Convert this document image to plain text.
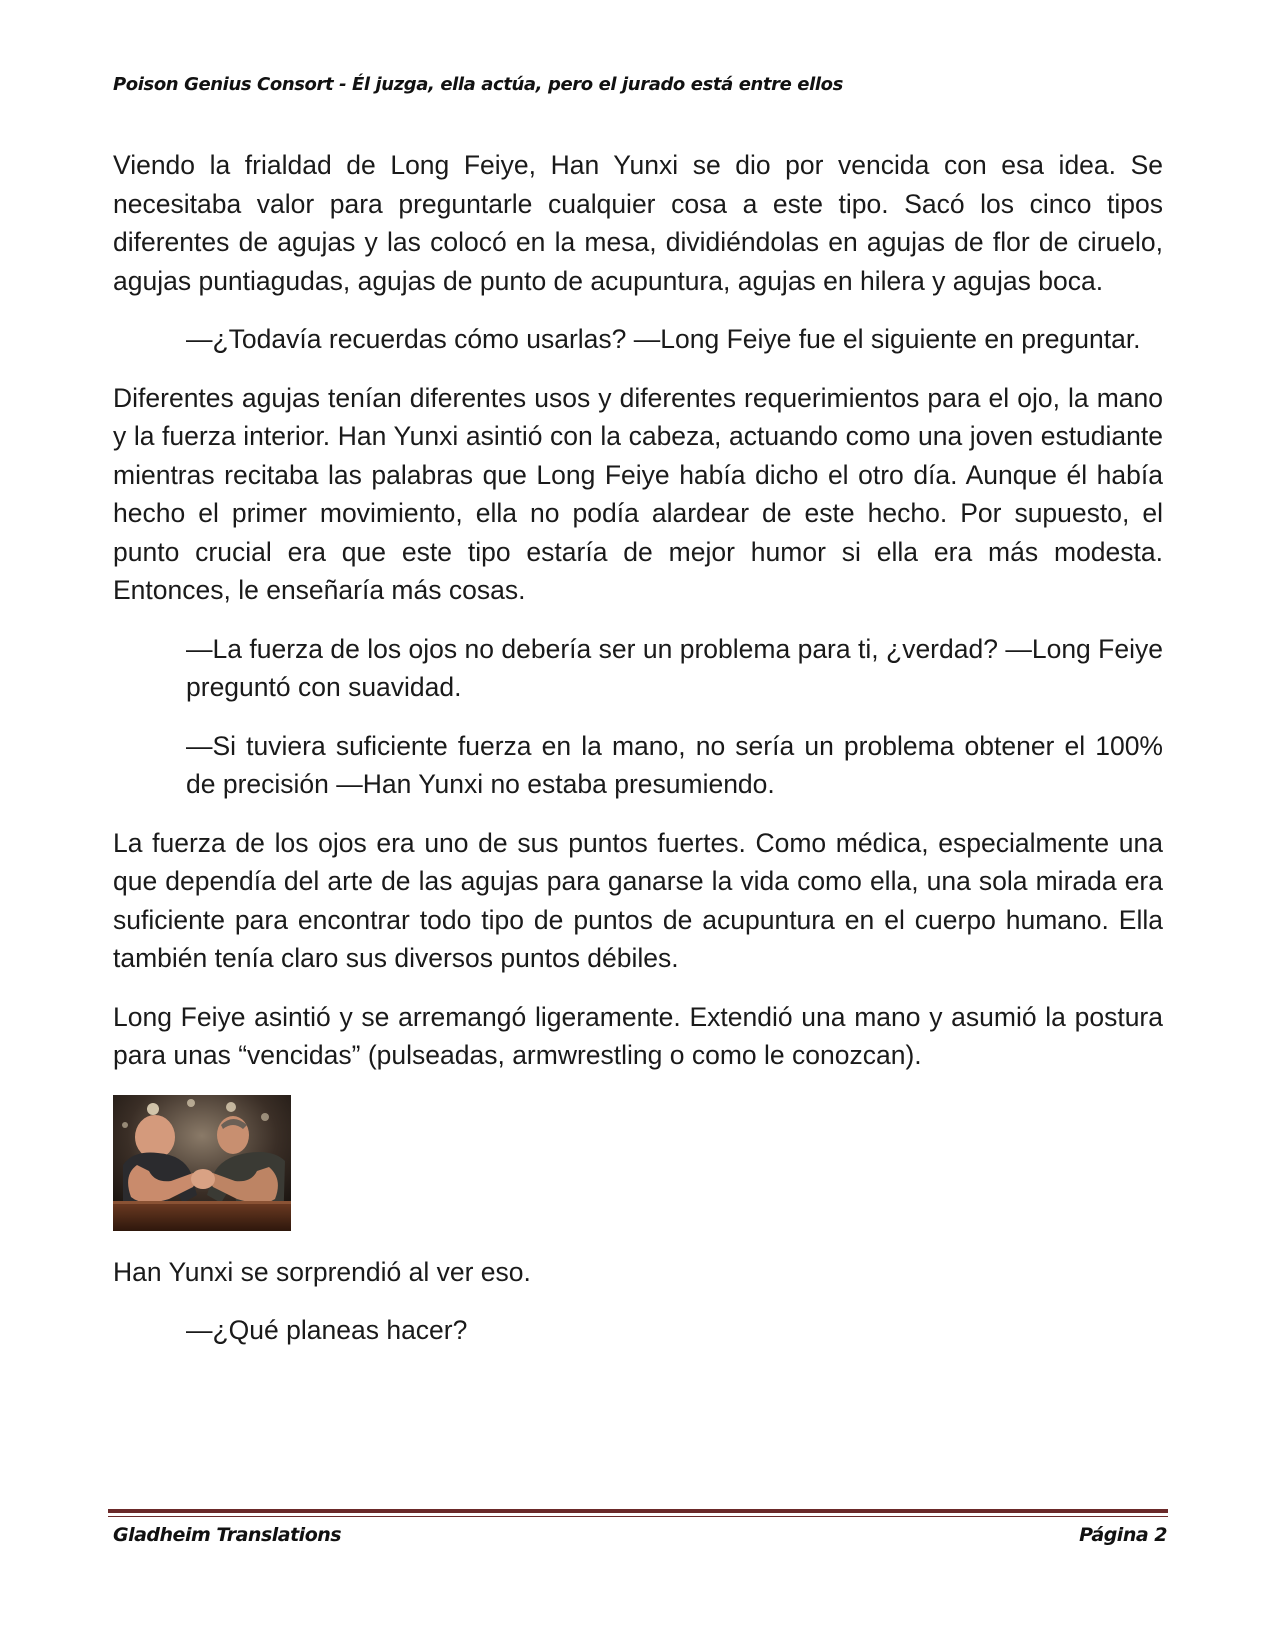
Poison Genius Consort - Él juzga, ella actúa, pero el jurado está entre ellos

Viendo la frialdad de Long Feiye, Han Yunxi se dio por vencida con esa idea. Se necesitaba valor para preguntarle cualquier cosa a este tipo. Sacó los cinco tipos diferentes de agujas y las colocó en la mesa, dividiéndolas en agujas de flor de ciruelo, agujas puntiagudas, agujas de punto de acupuntura, agujas en hilera y agujas boca.

—¿Todavía recuerdas cómo usarlas? —Long Feiye fue el siguiente en preguntar.

Diferentes agujas tenían diferentes usos y diferentes requerimientos para el ojo, la mano y la fuerza interior. Han Yunxi asintió con la cabeza, actuando como una joven estudiante mientras recitaba las palabras que Long Feiye había dicho el otro día. Aunque él había hecho el primer movimiento, ella no podía alardear de este hecho. Por supuesto, el punto crucial era que este tipo estaría de mejor humor si ella era más modesta. Entonces, le enseñaría más cosas.

—La fuerza de los ojos no debería ser un problema para ti, ¿verdad? —Long Feiye preguntó con suavidad.

—Si tuviera suficiente fuerza en la mano, no sería un problema obtener el 100% de precisión —Han Yunxi no estaba presumiendo.

La fuerza de los ojos era uno de sus puntos fuertes. Como médica, especialmente una que dependía del arte de las agujas para ganarse la vida como ella, una sola mirada era suficiente para encontrar todo tipo de puntos de acupuntura en el cuerpo humano. Ella también tenía claro sus diversos puntos débiles.

Long Feiye asintió y se arremangó ligeramente. Extendió una mano y asumió la postura para unas “vencidas” (pulseadas, armwrestling o como le conozcan).

Han Yunxi se sorprendió al ver eso.

—¿Qué planeas hacer?

Gladheim Translations	Página 2
